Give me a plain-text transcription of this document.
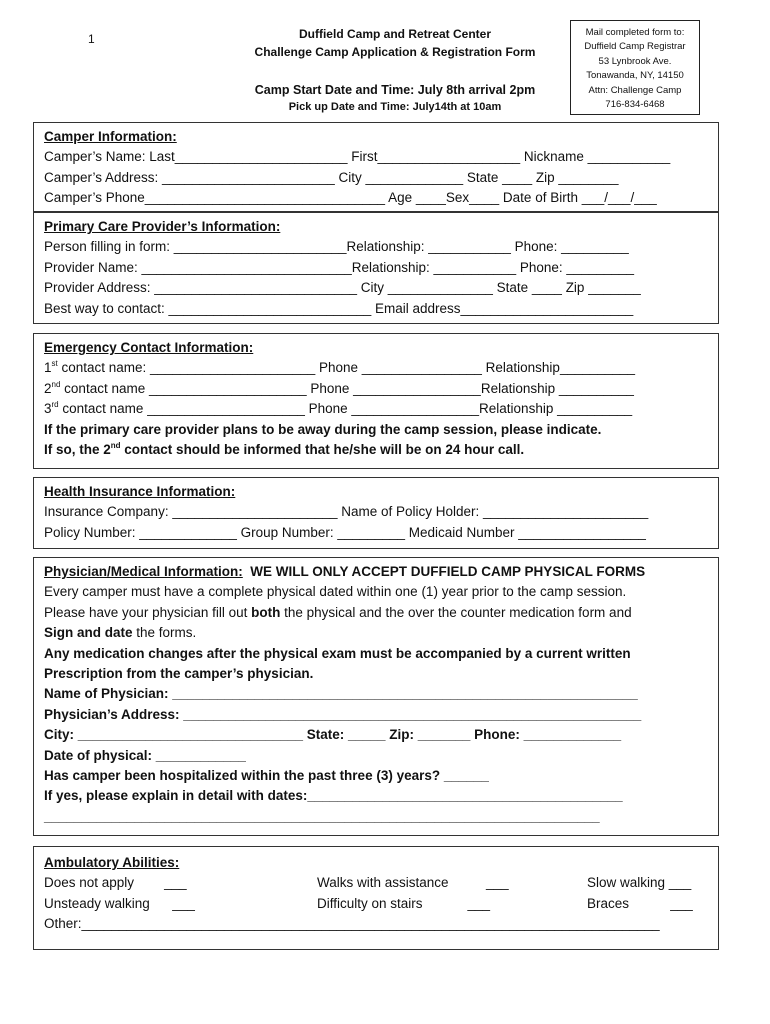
1	Duffield Camp and Retreat Center
Challenge Camp Application & Registration Form
Camp Start Date and Time: July 8th arrival 2pm
Pick up Date and Time: July14th at 10am
Mail completed form to:
Duffield Camp Registrar
53 Lynbrook Ave.
Tonawanda, NY, 14150
Attn: Challenge Camp
716-834-6468
Camper Information:
Camper’s Name: Last_______________________ First___________________ Nickname ___________
Camper’s Address: _______________________ City _____________ State ____ Zip ________
Camper’s Phone________________________________ Age ____Sex____ Date of Birth ___/___/___
Primary Care Provider’s Information:
Person filling in form: _______________________Relationship: ___________ Phone: _________
Provider Name: ____________________________Relationship: ___________ Phone: _________
Provider Address: ___________________________ City ______________ State ____ Zip _______
Best way to contact: ___________________________ Email address_______________________
Emergency Contact Information:
1st contact name: ______________________ Phone ________________ Relationship__________
2nd contact name _____________________ Phone _________________Relationship __________
3rd contact name _____________________ Phone _________________Relationship __________
If the primary care provider plans to be away during the camp session, please indicate.
If so, the 2nd contact should be informed that he/she will be on 24 hour call.
Health Insurance Information:
Insurance Company: ______________________ Name of Policy Holder: ______________________
Policy Number: _____________ Group Number: _________ Medicaid Number _________________
Physician/Medical Information:  WE WILL ONLY ACCEPT DUFFIELD CAMP PHYSICAL FORMS
Every camper must have a complete physical dated within one (1) year prior to the camp session.
Please have your physician fill out both the physical and the over the counter medication form and
Sign and date the forms.
Any medication changes after the physical exam must be accompanied by a current written
Prescription from the camper’s physician.
Name of Physician: ______________________________________________________________
Physician’s Address: _____________________________________________________________
City: ______________________________ State: _____ Zip: _______ Phone: _____________
Date of physical: ____________
Has camper been hospitalized within the past three (3) years? ______
If yes, please explain in detail with dates:__________________________________________
__________________________________________________________________________
Ambulatory Abilities:
Does not apply        ___	Walks with assistance          ___	Slow walking ___
Unsteady walking      ___	Difficulty on stairs            ___	Braces           ___
Other:_____________________________________________________________________________
